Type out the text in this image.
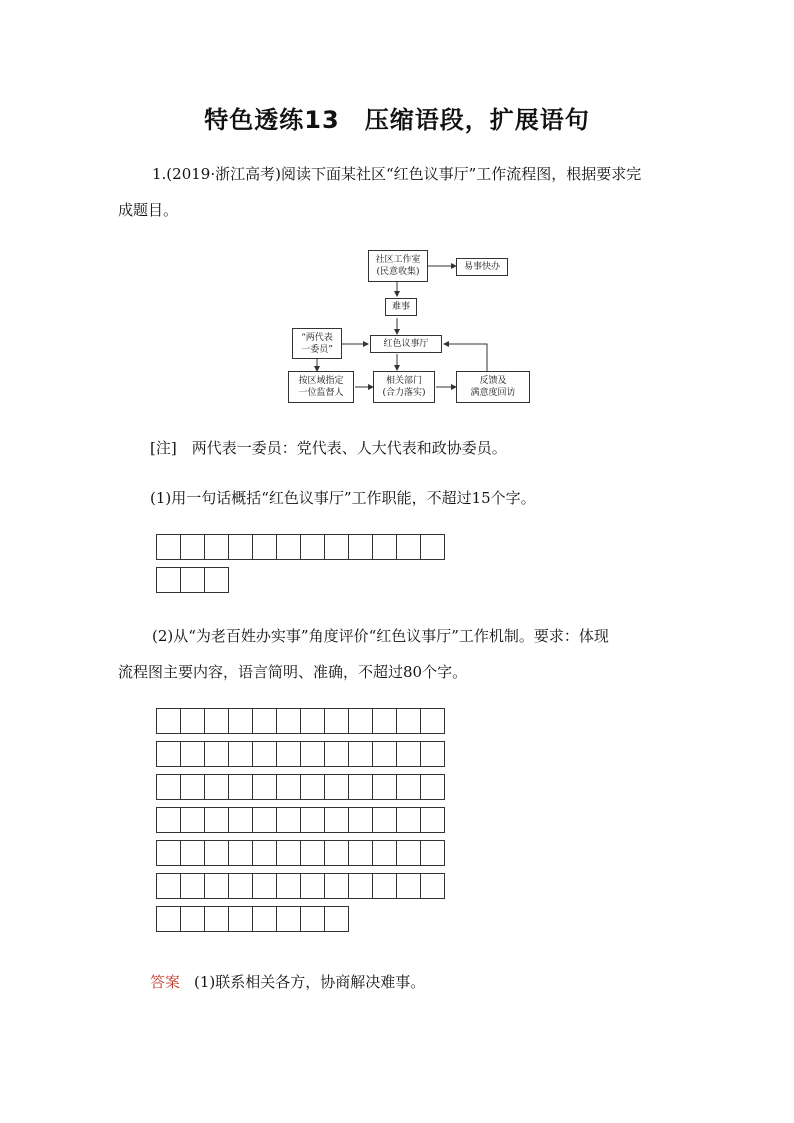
特色透练13　压缩语段，扩展语句
1.(2019·浙江高考)阅读下面某社区“红色议事厅”工作流程图，根据要求完
成题目。
社区工作室
(民意收集)	易事快办
难事
“两代表
一委员”
红色议事厅
按区域指定
一位监督人
相关部门
(合力落实)
反馈及
满意度回访
[注]　两代表一委员：党代表、人大代表和政协委员。
(1)用一句话概括“红色议事厅”工作职能，不超过15个字。
(2)从“为老百姓办实事”角度评价“红色议事厅”工作机制。要求：体现
流程图主要内容，语言简明、准确，不超过80个字。
答案 (1)联系相关各方，协商解决难事。
